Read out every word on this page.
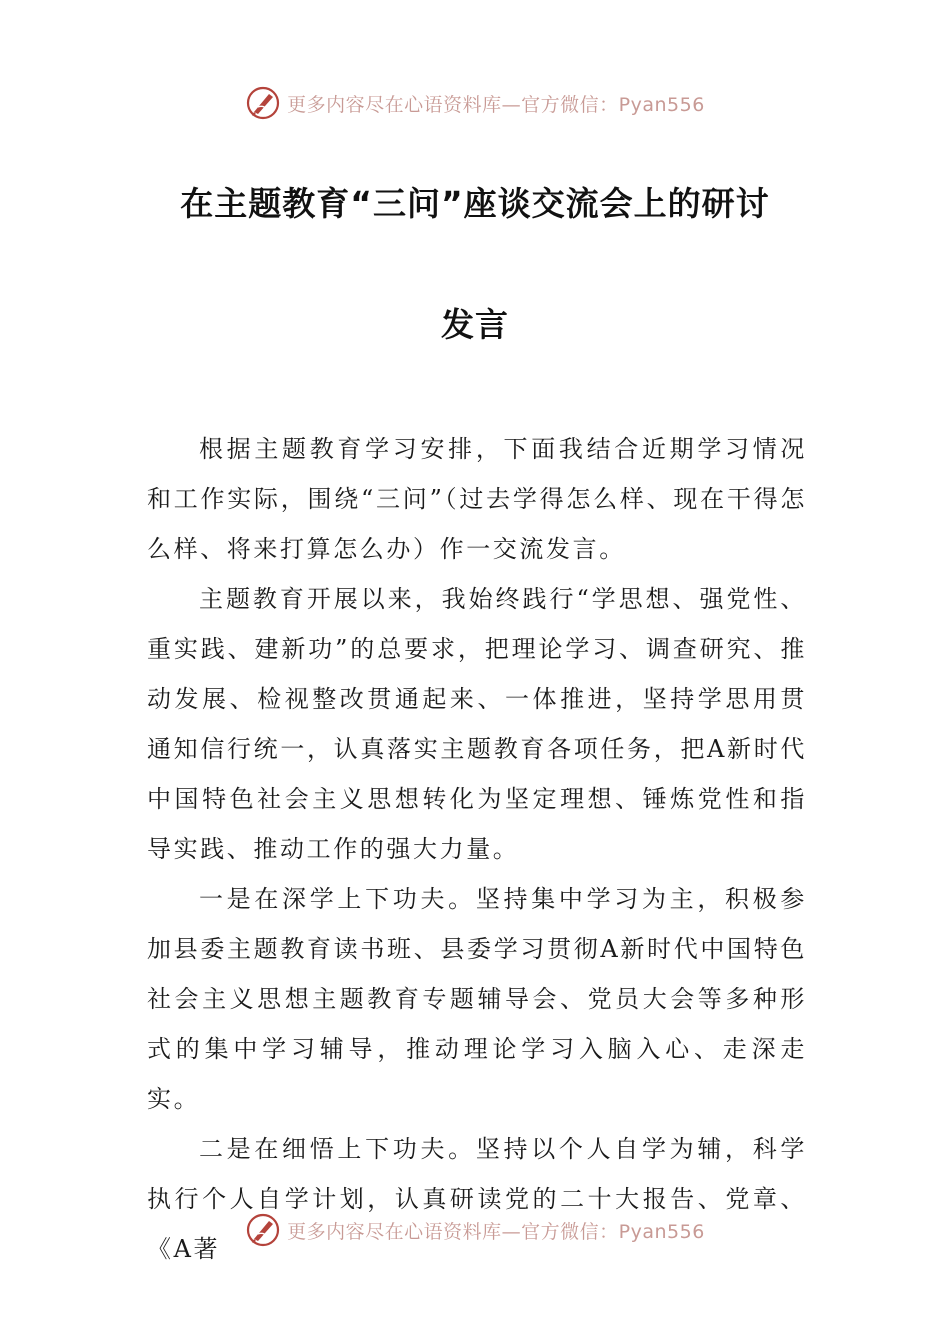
更多内容尽在心语资料库—官方微信：Pyan556
在主题教育“三问”座谈交流会上的研讨
发言

根据主题教育学习安排，下面我结合近期学习情况和工作实际，围绕“三问”（过去学得怎么样、现在干得怎么样、将来打算怎么办）作一交流发言。

主题教育开展以来，我始终践行“学思想、强党性、重实践、建新功”的总要求，把理论学习、调查研究、推动发展、检视整改贯通起来、一体推进，坚持学思用贯通知信行统一，认真落实主题教育各项任务，把A新时代中国特色社会主义思想转化为坚定理想、锤炼党性和指导实践、推动工作的强大力量。

一是在深学上下功夫。坚持集中学习为主，积极参加县委主题教育读书班、县委学习贯彻A新时代中国特色社会主义思想主题教育专题辅导会、党员大会等多种形式的集中学习辅导，推动理论学习入脑入心、走深走实。

二是在细悟上下功夫。坚持以个人自学为辅，科学执行个人自学计划，认真研读党的二十大报告、党章、《A著

更多内容尽在心语资料库—官方微信：Pyan556
